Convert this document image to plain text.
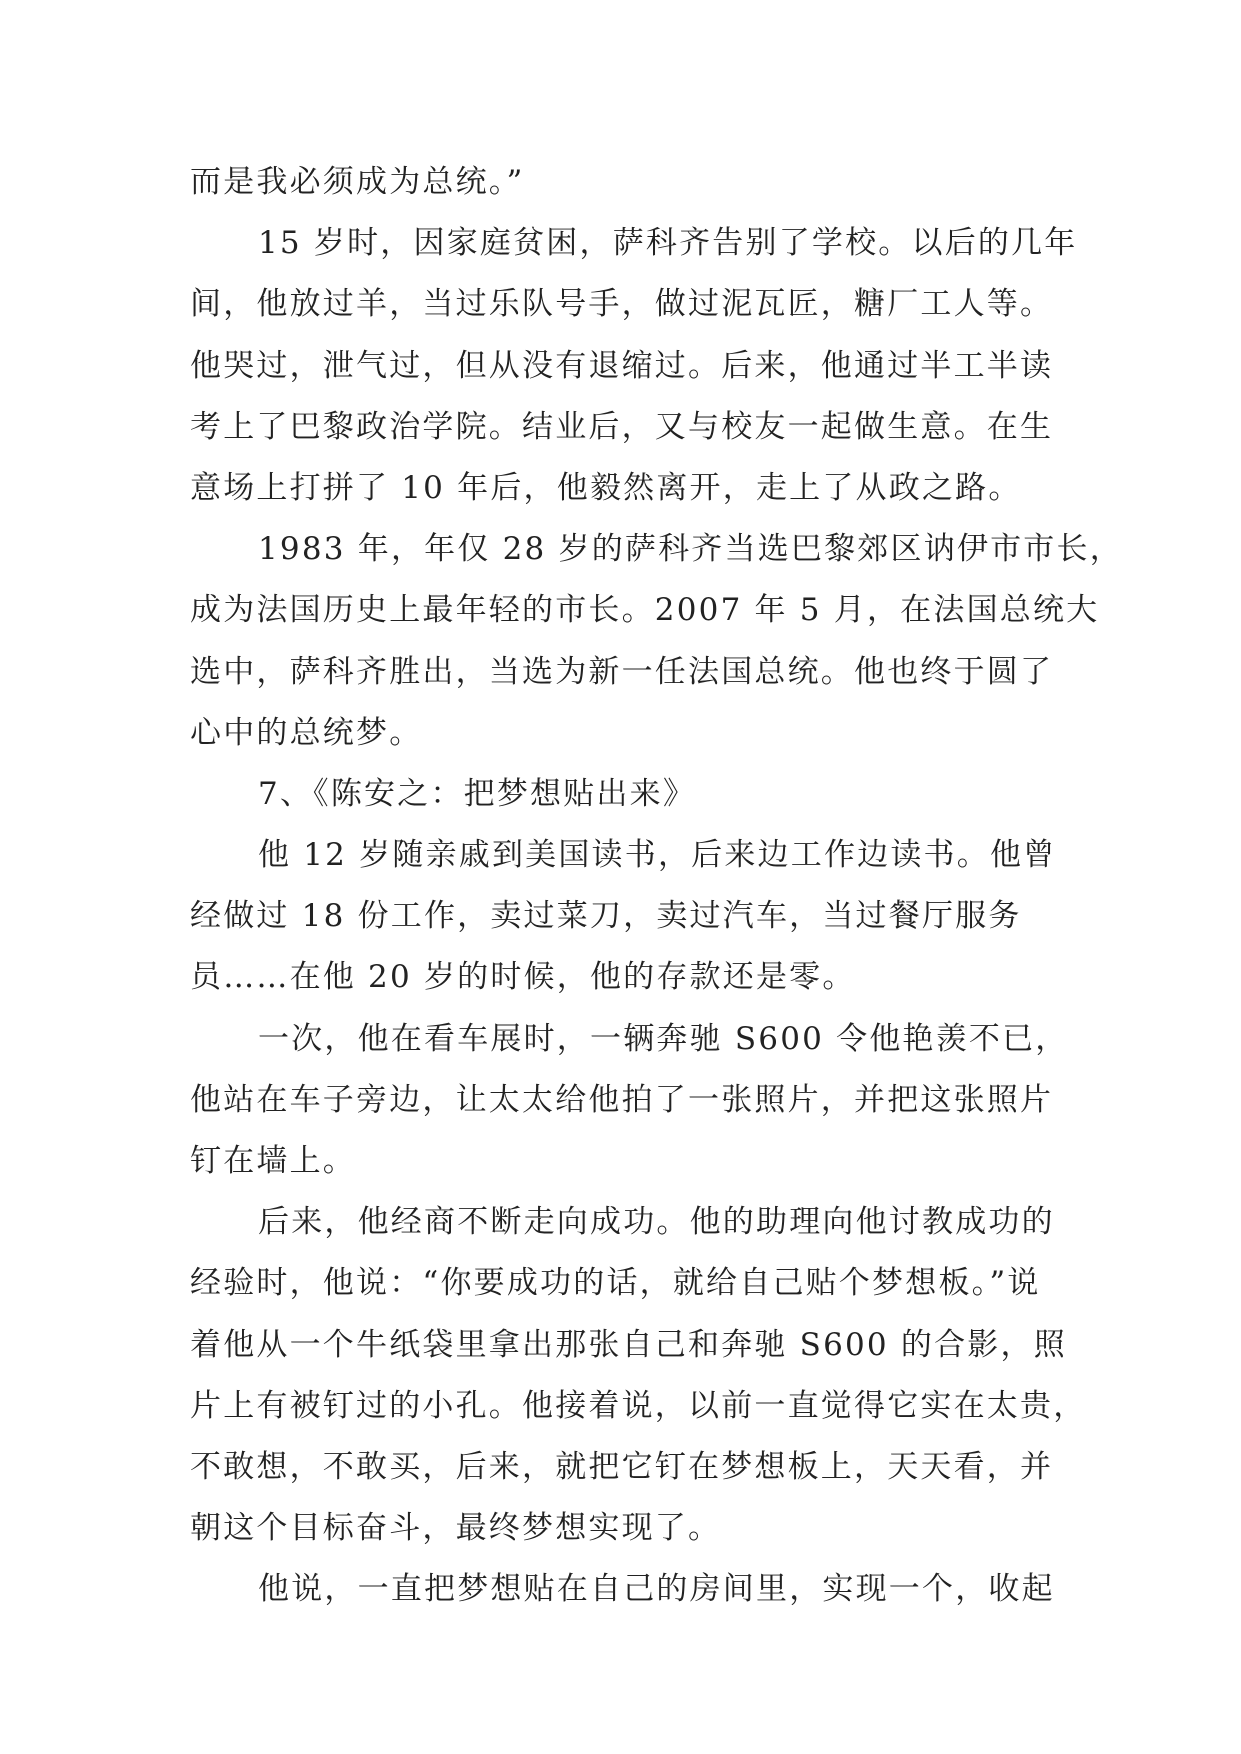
而是我必须成为总统。”
15 岁时，因家庭贫困，萨科齐告别了学校。以后的几年
间，他放过羊，当过乐队号手，做过泥瓦匠，糖厂工人等。
他哭过，泄气过，但从没有退缩过。后来，他通过半工半读
考上了巴黎政治学院。结业后，又与校友一起做生意。在生
意场上打拼了 10 年后，他毅然离开，走上了从政之路。
1983 年，年仅 28 岁的萨科齐当选巴黎郊区讷伊市市长，
成为法国历史上最年轻的市长。2007 年 5 月，在法国总统大
选中，萨科齐胜出，当选为新一任法国总统。他也终于圆了
心中的总统梦。
7、《陈安之：把梦想贴出来》
他 12 岁随亲戚到美国读书，后来边工作边读书。他曾
经做过 18 份工作，卖过菜刀，卖过汽车，当过餐厅服务
员……在他 20 岁的时候，他的存款还是零。
一次，他在看车展时，一辆奔驰 S600 令他艳羡不已，
他站在车子旁边，让太太给他拍了一张照片，并把这张照片
钉在墙上。
后来，他经商不断走向成功。他的助理向他讨教成功的
经验时，他说：“你要成功的话，就给自己贴个梦想板。”说
着他从一个牛纸袋里拿出那张自己和奔驰 S600 的合影，照
片上有被钉过的小孔。他接着说，以前一直觉得它实在太贵，
不敢想，不敢买，后来，就把它钉在梦想板上，天天看，并
朝这个目标奋斗，最终梦想实现了。
他说，一直把梦想贴在自己的房间里，实现一个，收起
